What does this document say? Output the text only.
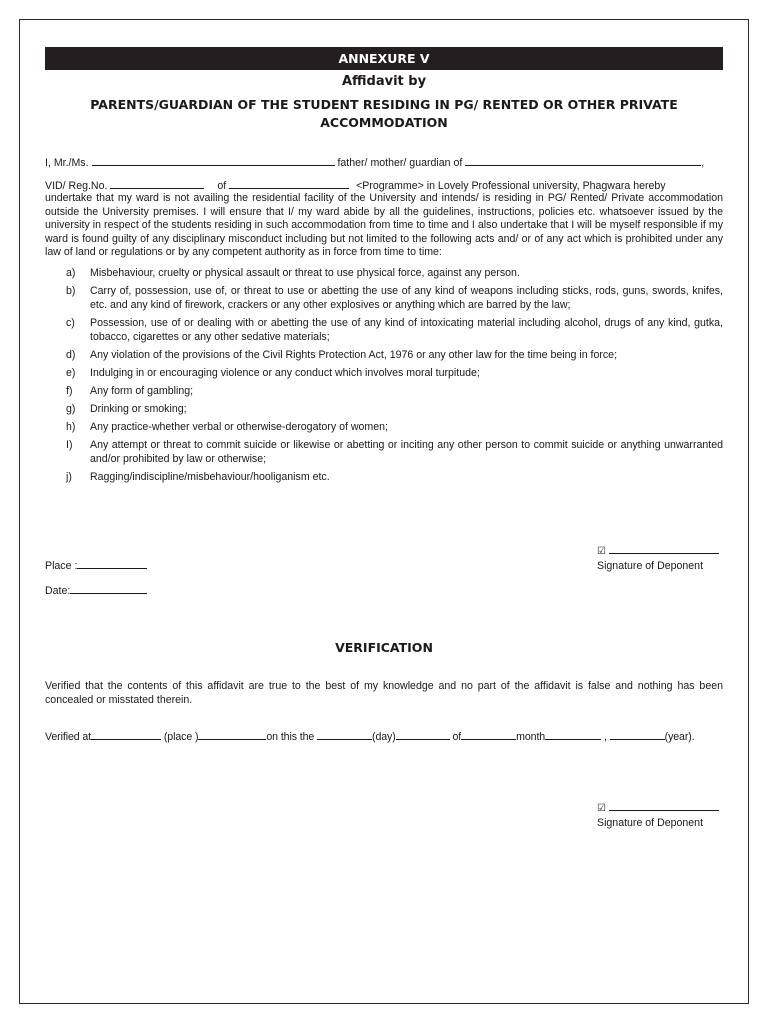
ANNEXURE V
Affidavit by
PARENTS/GUARDIAN OF THE STUDENT RESIDING IN PG/ RENTED OR OTHER PRIVATE ACCOMMODATION
I, Mr./Ms.	father/ mother/ guardian of	,
VID/ Reg.No.	of	<Programme> in Lovely Professional university, Phagwara hereby
undertake that my ward is not availing the residential facility of the University and intends/ is residing in PG/ Rented/ Private accommodation outside the University premises. I will ensure that I/ my ward abide by all the guidelines, instructions, policies etc. whatsoever issued by the university in respect of the students residing in such accommodation from time to time and I also undertake that I will be myself responsible if my ward is found guilty of any disciplinary misconduct including but not limited to the following acts and/ or of any act which is prohibited under any law of land or regulations or by any competent authority as in force from time to time:
a)	Misbehaviour, cruelty or physical assault or threat to use physical force, against any person.
b)	Carry of, possession, use of, or threat to use or abetting the use of any kind of weapons including sticks, rods, guns, swords, knifes, etc. and any kind of firework, crackers or any other explosives or anything which are barred by the law;
c)	Possession, use of or dealing with or abetting the use of any kind of intoxicating material including alcohol, drugs of any kind, gutka, tobacco, cigarettes or any other sedative materials;
d)	Any violation of the provisions of the Civil Rights Protection Act, 1976 or any other law for the time being in force;
e)	Indulging in or encouraging violence or any conduct which involves moral turpitude;
f)	Any form of gambling;
g)	Drinking or smoking;
h)	Any practice-whether verbal or otherwise-derogatory of women;
I)	Any attempt or threat to commit suicide or likewise or abetting or inciting any other person to commit suicide or anything unwarranted and/or prohibited by law or otherwise;
j)	Ragging/indiscipline/misbehaviour/hooliganism etc.
☑
Signature of Deponent
Place :
Date:
VERIFICATION
Verified that the contents of this affidavit are true to the best of my knowledge and no part of the affidavit is false and nothing has been concealed or misstated therein.
Verified at	(place )	on this the	(day)	of	month	,	(year).
☑
Signature of Deponent
